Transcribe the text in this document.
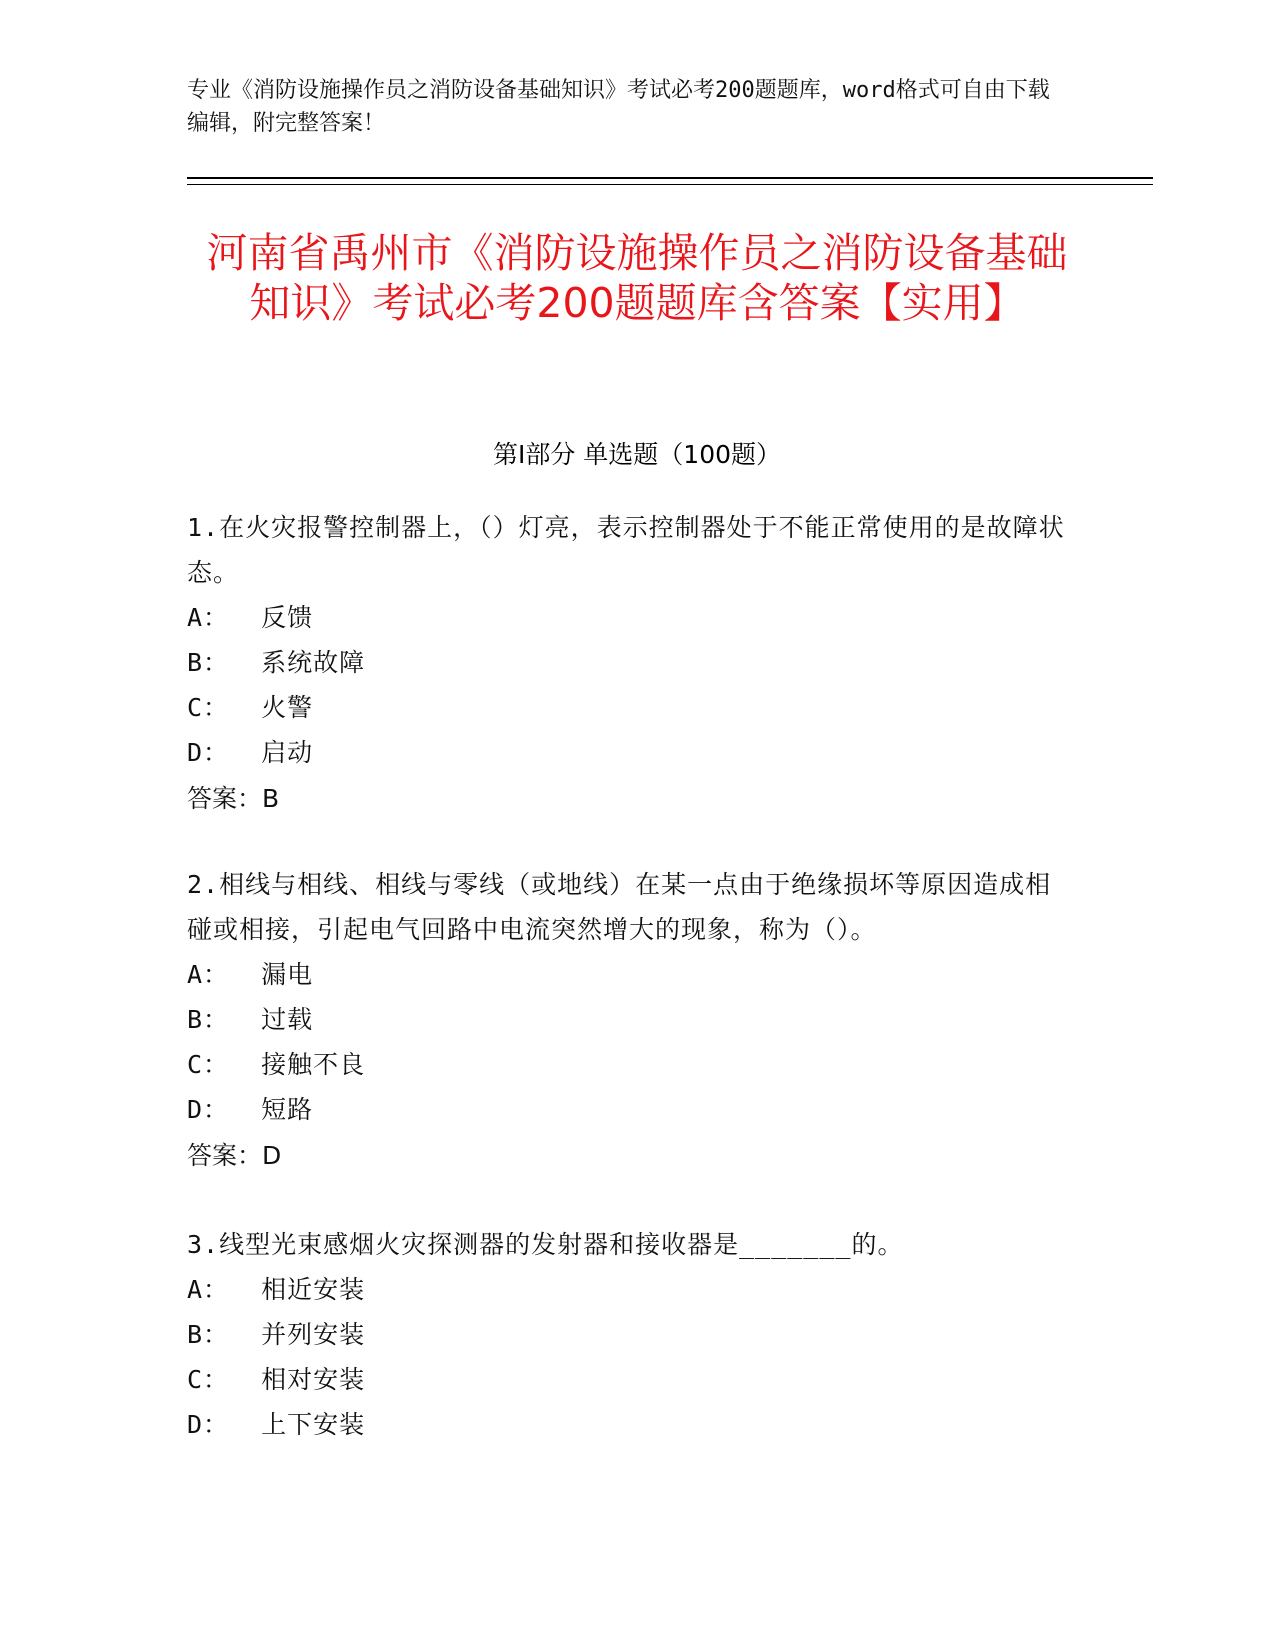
专业《消防设施操作员之消防设备基础知识》考试必考200题题库，word格式可自由下载编辑，附完整答案！
河南省禹州市《消防设施操作员之消防设备基础知识》考试必考200题题库含答案【实用】
第Ⅰ部分 单选题（100题）
1.在火灾报警控制器上，（）灯亮，表示控制器处于不能正常使用的是故障状态。
A：  反馈
B：  系统故障
C：  火警
D：  启动
答案：B
2.相线与相线、相线与零线（或地线）在某一点由于绝缘损坏等原因造成相碰或相接，引起电气回路中电流突然增大的现象，称为（）。
A：  漏电
B：  过载
C：  接触不良
D：  短路
答案：D
3.线型光束感烟火灾探测器的发射器和接收器是_______的。
A：  相近安装
B：  并列安装
C：  相对安装
D：  上下安装
